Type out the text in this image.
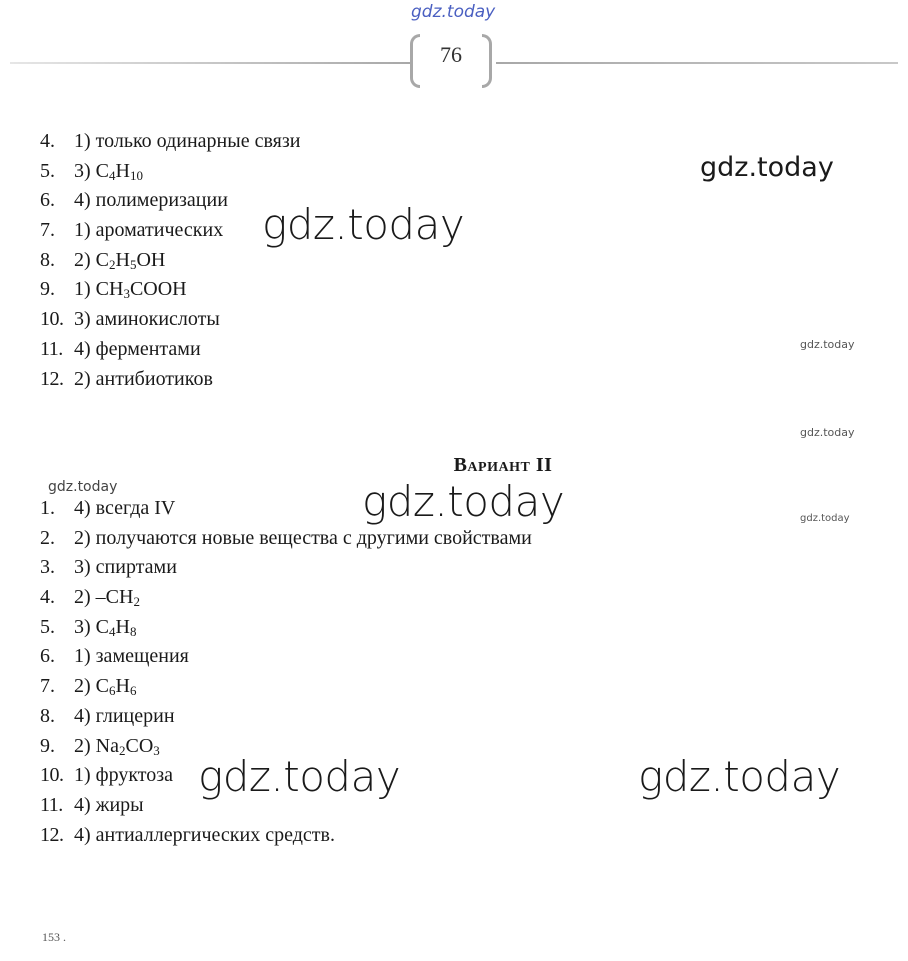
gdz.today
76
4. 1) только одинарные связи
5. 3) $C_4H_{10}$
6. 4) полимеризации
7. 1) ароматических
8. 2) $C_2H_5OH$
9. 1) $CH_3COOH$
10. 3) аминокислоты
11. 4) ферментами
12. 2) антибиотиков
Вариант II
1. 4) всегда IV
2. 2) получаются новые вещества с другими свойствами
3. 3) спиртами
4. 2) $-CH_2$
5. 3) $C_4H_8$
6. 1) замещения
7. 2) $C_6H_6$
8. 4) глицерин
9. 2) $Na_2CO_3$
10. 1) фруктоза
11. 4) жиры
12. 4) антиаллергических средств.
gdz.today
gdz.today
gdz.today
gdz.today
gdz.today	gdz.today	gdz.today
gdz.today	gdz.today
153 .
